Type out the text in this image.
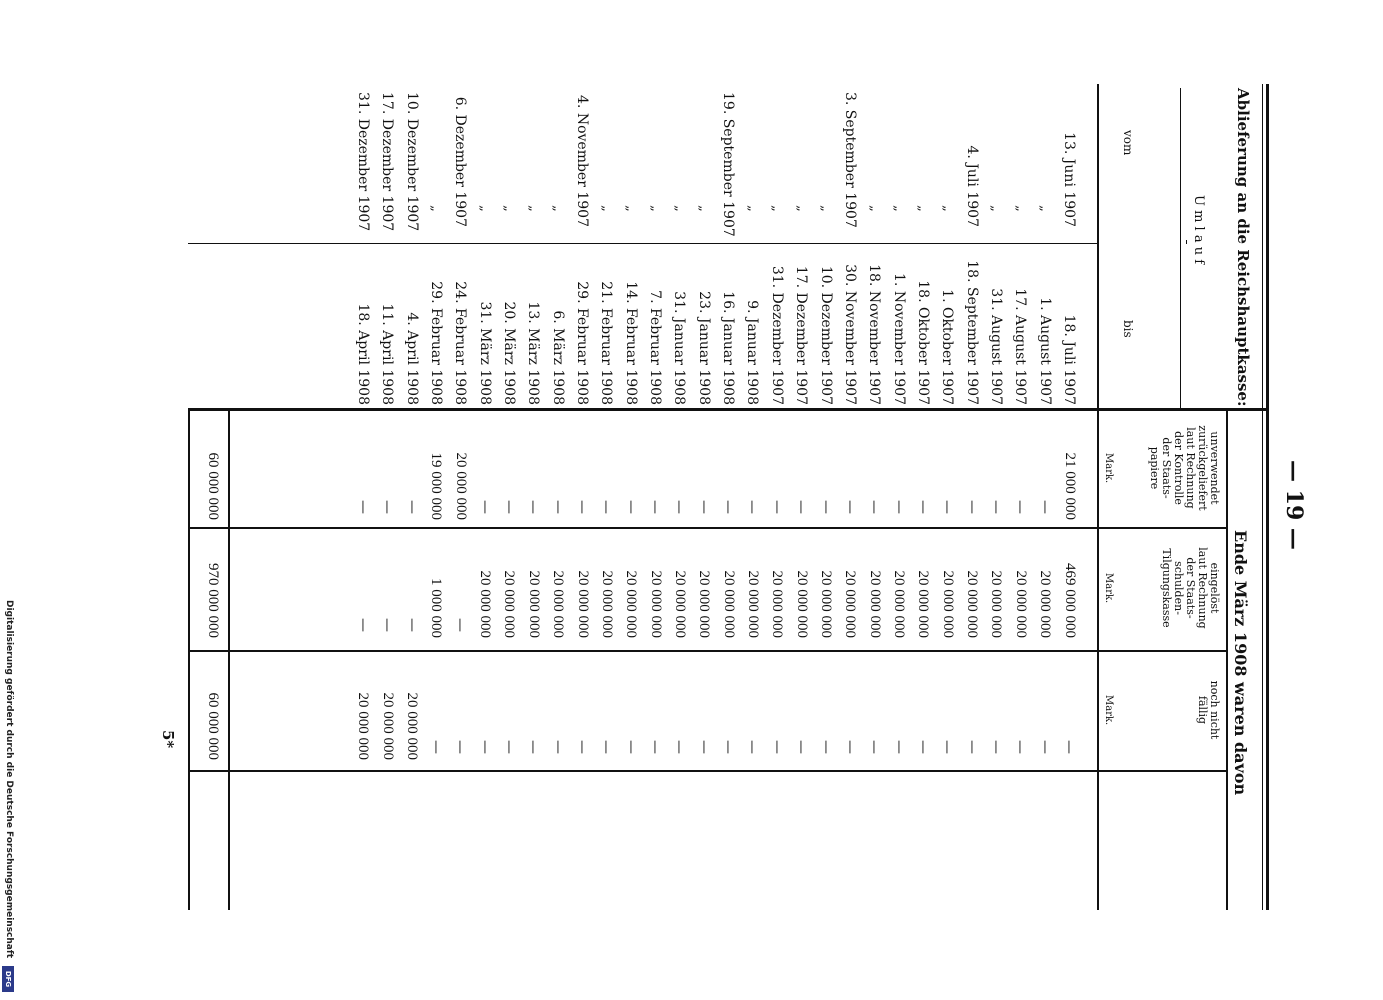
Digitalisierung gefördert durch die Deutsche Forschungsgemeinschaft
DFG
— 19 —
5*
Ablieferung an die Reichshauptkasse:
Ende März 1908 waren davon
U m l a u f
vom
bis
unverwendet
zurückgeliefert
laut Rechnung
der Kontrolle
der Staats-
papiere
Mark.
eingelöst
laut Rechnung
der Staats-
schulden-
Tilgungskasse
Mark.
noch nicht
fällig
Mark.
13. Juni 1907
18. Juli 1907
21 000 000
469 000 000
—
„
1. August 1907
—
20 000 000
—
„
17. August 1907
—
20 000 000
—
„
31. August 1907
—
20 000 000
—
4. Juli 1907
18. September 1907
—
20 000 000
—
„
1. Oktober 1907
—
20 000 000
—
„
18. Oktober 1907
—
20 000 000
—
„
1. November 1907
—
20 000 000
—
„
18. November 1907
—
20 000 000
—
3. September 1907
30. November 1907
—
20 000 000
—
„
10. Dezember 1907
—
20 000 000
—
„
17. Dezember 1907
—
20 000 000
—
„
31. Dezember 1907
—
20 000 000
—
„
9. Januar 1908
—
20 000 000
—
19. September 1907
16. Januar 1908
—
20 000 000
—
„
23. Januar 1908
—
20 000 000
—
„
31. Januar 1908
—
20 000 000
—
„
7. Februar 1908
—
20 000 000
—
„
14. Februar 1908
—
20 000 000
—
„
21. Februar 1908
—
20 000 000
—
4. November 1907
29. Februar 1908
—
20 000 000
—
„
6. März 1908
—
20 000 000
—
„
13. März 1908
—
20 000 000
—
„
20. März 1908
—
20 000 000
—
„
31. März 1908
—
20 000 000
—
6. Dezember 1907
24. Februar 1908
20 000 000
—
—
„
29. Februar 1908
19 000 000
1 000 000
—
10. Dezember 1907
4. April 1908
—
—
20 000 000
17. Dezember 1907
11. April 1908
—
—
20 000 000
31. Dezember 1907
18. April 1908
—
—
20 000 000
60 000 000
970 000 000
60 000 000
